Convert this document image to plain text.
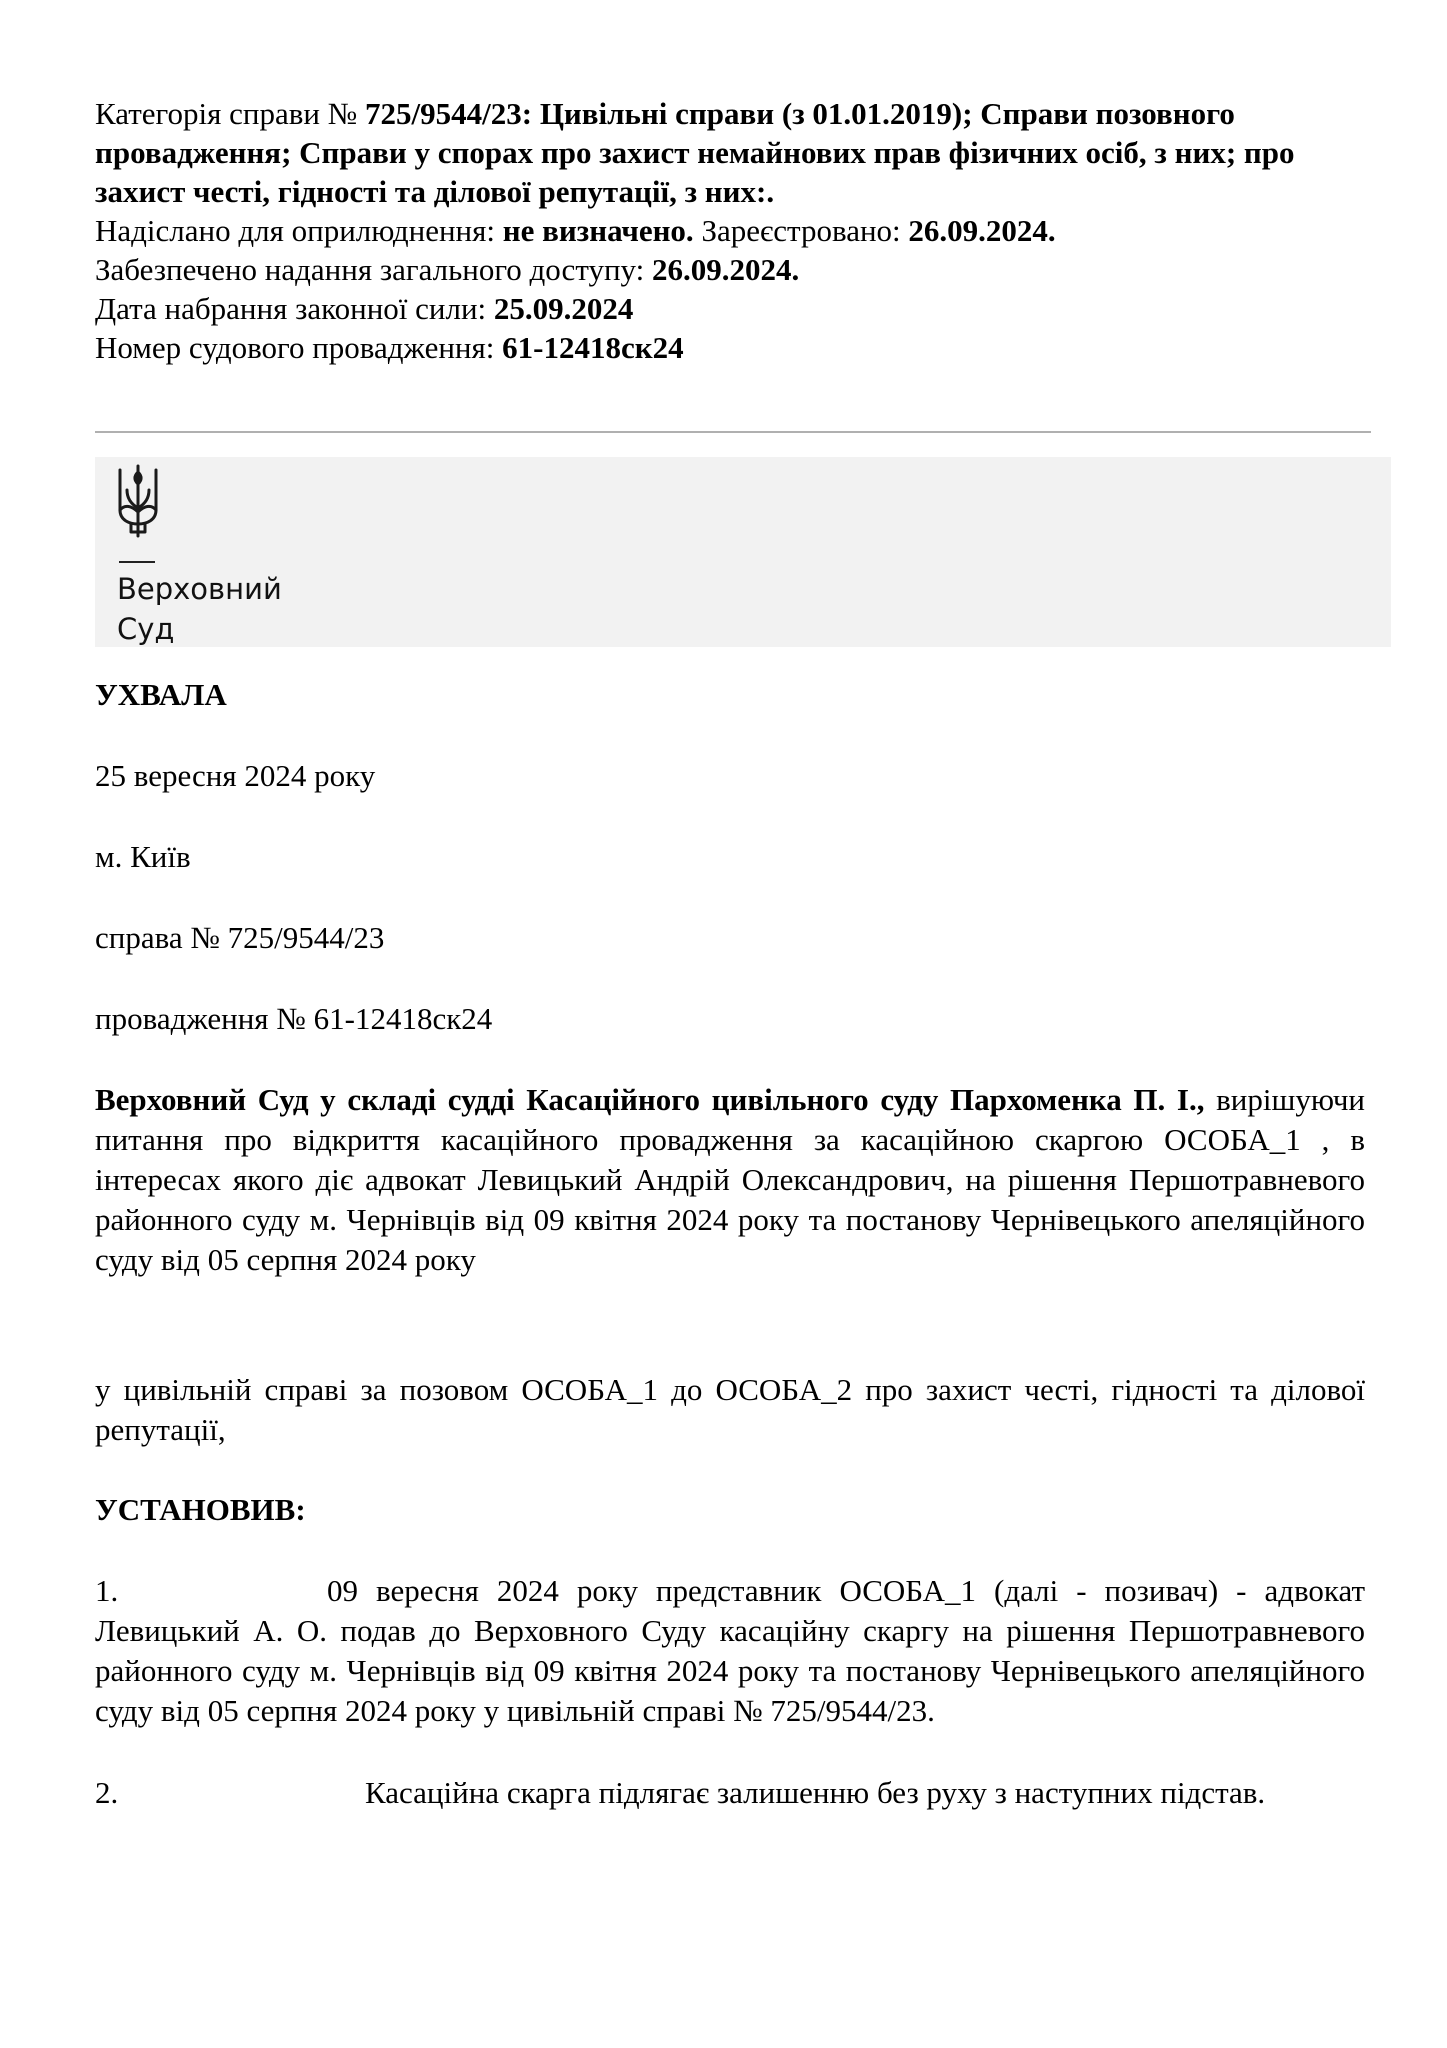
Категорія справи № 725/9544/23: Цивільні справи (з 01.01.2019); Справи позовного провадження; Справи у спорах про захист немайнових прав фізичних осіб, з них; про захист честі, гідності та ділової репутації, з них:.
Надіслано для оприлюднення: не визначено. Зареєстровано: 26.09.2024.
Забезпечено надання загального доступу: 26.09.2024.
Дата набрання законної сили: 25.09.2024
Номер судового провадження: 61-12418ск24
Верховний
Суд

УХВАЛА

25 вересня 2024 року

м. Київ

справа № 725/9544/23

провадження № 61-12418ск24

Верховний Суд у складі судді Касаційного цивільного суду Пархоменка П. І., вирішуючи питання про відкриття касаційного провадження за касаційною скаргою ОСОБА_1 , в інтересах якого діє адвокат Левицький Андрій Олександрович, на рішення Першотравневого районного суду м. Чернівців від 09 квітня 2024 року та постанову Чернівецького апеляційного суду від 05 серпня 2024 року

у цивільній справі за позовом ОСОБА_1 до ОСОБА_2 про захист честі, гідності та ділової репутації,

УСТАНОВИВ:

1.	09 вересня 2024 року представник ОСОБА_1 (далі - позивач) - адвокат Левицький А. О. подав до Верховного Суду касаційну скаргу на рішення Першотравневого районного суду м. Чернівців від 09 квітня 2024 року та постанову Чернівецького апеляційного суду від 05 серпня 2024 року у цивільній справі № 725/9544/23.

2.	Касаційна скарга підлягає залишенню без руху з наступних підстав.
